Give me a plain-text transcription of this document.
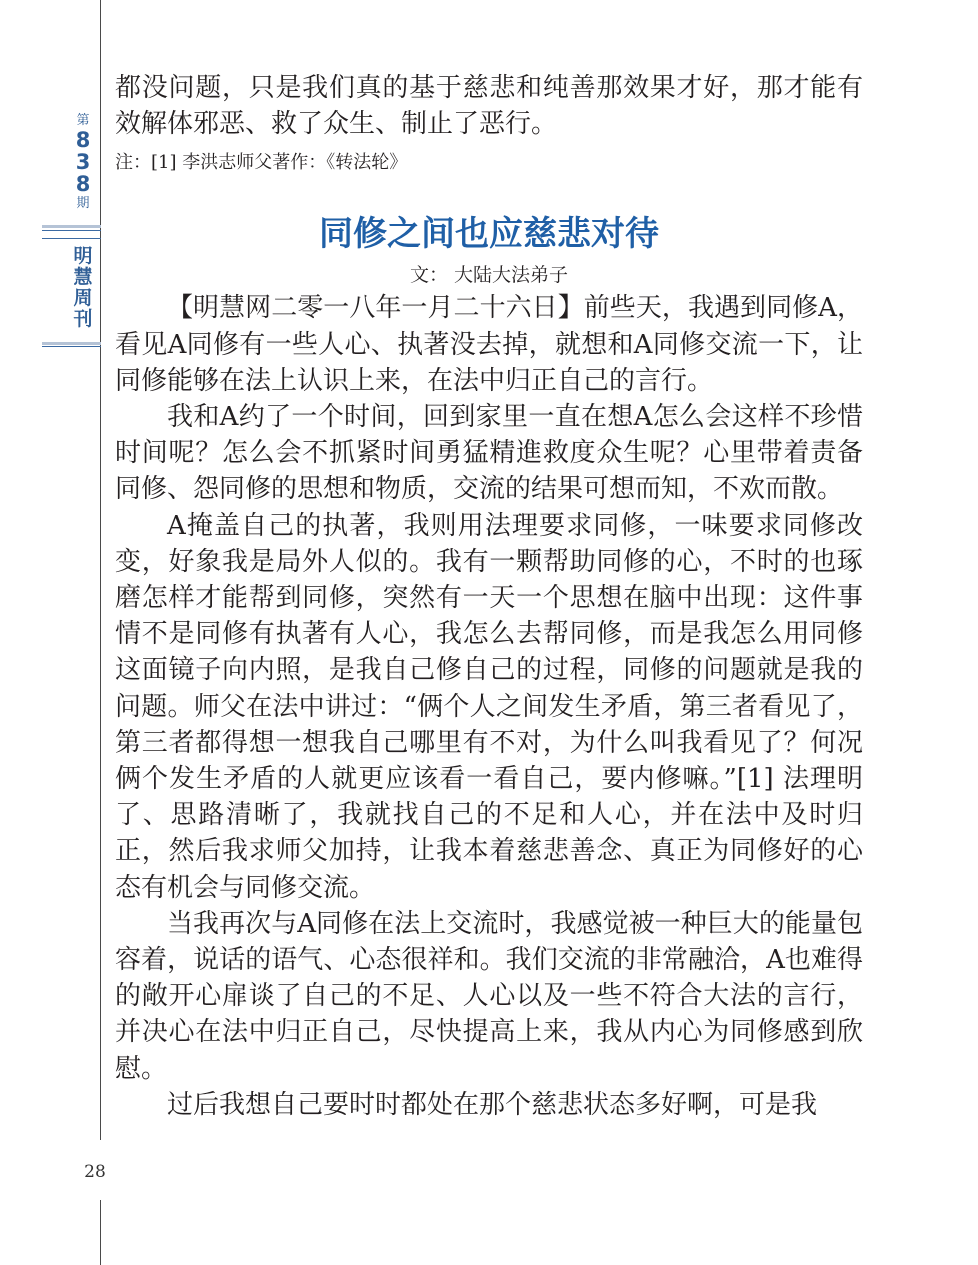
第
8
3
8
期
明
慧
周
刊
28

都没问题，只是我们真的基于慈悲和纯善那效果才好，那才能有效解体邪恶、救了众生、制止了恶行。

注：[1] 李洪志师父著作：《转法轮》

同修之间也应慈悲对待
文： 大陆大法弟子

【明慧网二零一八年一月二十六日】前些天，我遇到同修A，看见A同修有一些人心、执著没去掉，就想和A同修交流一下，让同修能够在法上认识上来，在法中归正自己的言行。

我和A约了一个时间，回到家里一直在想A怎么会这样不珍惜时间呢？怎么会不抓紧时间勇猛精進救度众生呢？心里带着责备同修、怨同修的思想和物质，交流的结果可想而知，不欢而散。

A掩盖自己的执著，我则用法理要求同修，一味要求同修改变，好象我是局外人似的。我有一颗帮助同修的心，不时的也琢磨怎样才能帮到同修，突然有一天一个思想在脑中出现：这件事情不是同修有执著有人心，我怎么去帮同修，而是我怎么用同修这面镜子向内照，是我自己修自己的过程，同修的问题就是我的问题。师父在法中讲过：“俩个人之间发生矛盾，第三者看见了，第三者都得想一想我自己哪里有不对，为什么叫我看见了？何况俩个发生矛盾的人就更应该看一看自己，要内修嘛。”[1] 法理明了、思路清晰了，我就找自己的不足和人心，并在法中及时归正，然后我求师父加持，让我本着慈悲善念、真正为同修好的心态有机会与同修交流。

当我再次与A同修在法上交流时，我感觉被一种巨大的能量包容着，说话的语气、心态很祥和。我们交流的非常融洽，A也难得的敞开心扉谈了自己的不足、人心以及一些不符合大法的言行，并决心在法中归正自己，尽快提高上来，我从内心为同修感到欣慰。

过后我想自己要时时都处在那个慈悲状态多好啊，可是我
